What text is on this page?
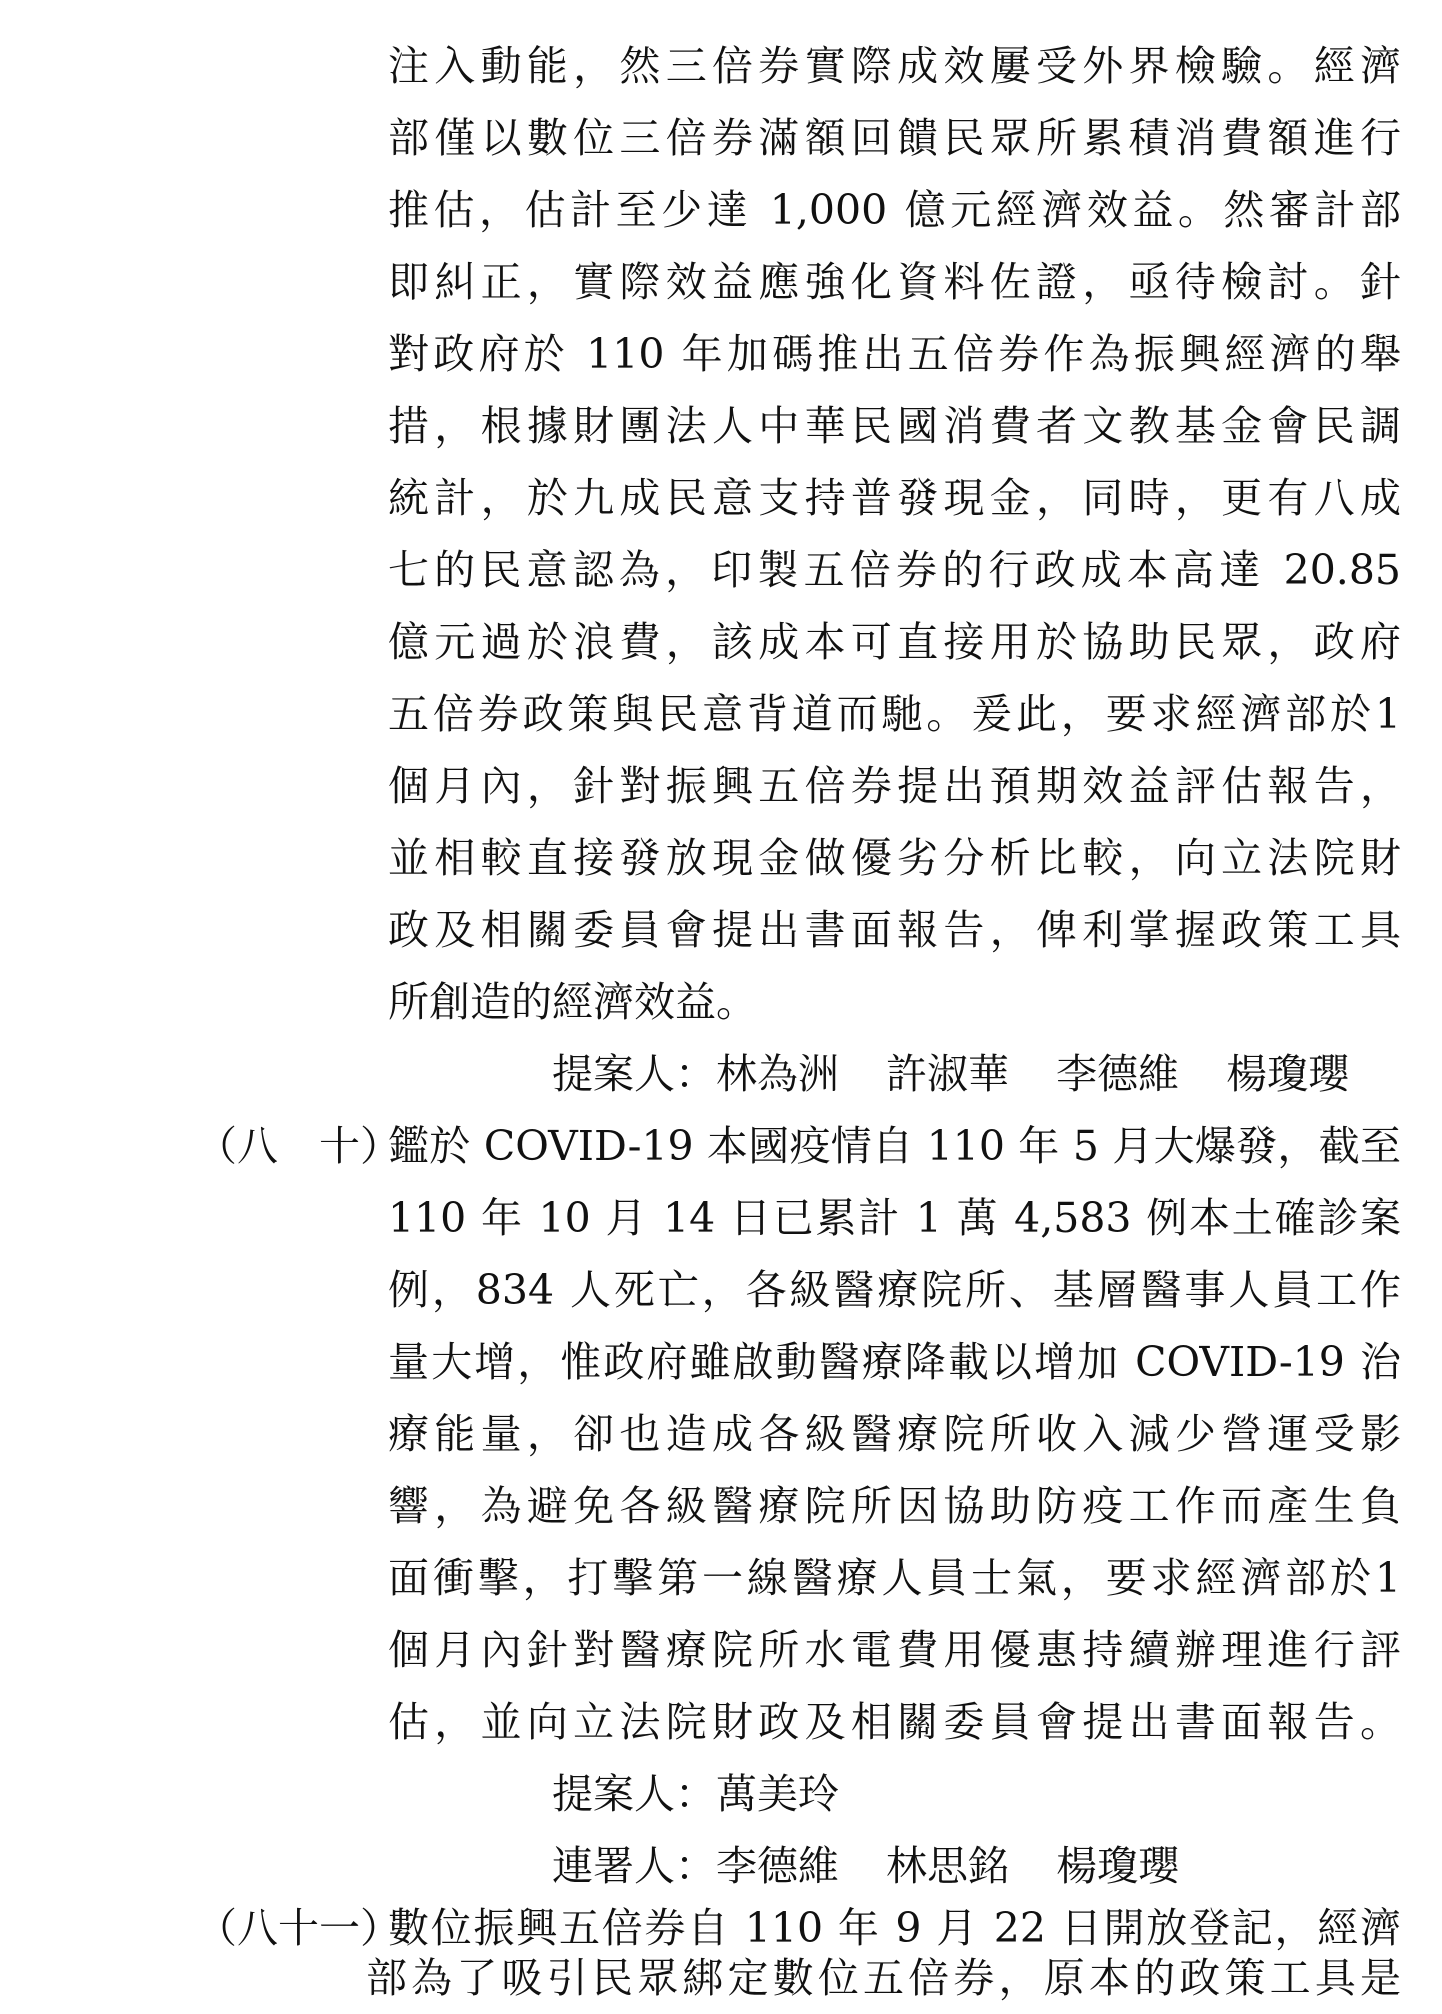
注入動能，然三倍券實際成效屢受外界檢驗。經濟
部僅以數位三倍券滿額回饋民眾所累積消費額進行
推估，估計至少達 1,000 億元經濟效益。然審計部
即糾正，實際效益應強化資料佐證，亟待檢討。針
對政府於 110 年加碼推出五倍券作為振興經濟的舉
措，根據財團法人中華民國消費者文教基金會民調
統計，於九成民意支持普發現金，同時，更有八成
七的民意認為，印製五倍券的行政成本高達 20.85
億元過於浪費，該成本可直接用於協助民眾，政府
五倍券政策與民意背道而馳。爰此，要求經濟部於1
個月內，針對振興五倍券提出預期效益評估報告，
並相較直接發放現金做優劣分析比較，向立法院財
政及相關委員會提出書面報告，俾利掌握政策工具
所創造的經濟效益。
提案人：林為洲 許淑華 李德維 楊瓊瓔
（八　十）
鑑於 COVID-19 本國疫情自 110 年 5 月大爆發，截至
110 年 10 月 14 日已累計 1 萬 4,583 例本土確診案
例，834 人死亡，各級醫療院所、基層醫事人員工作
量大增，惟政府雖啟動醫療降載以增加 COVID-19 治
療能量，卻也造成各級醫療院所收入減少營運受影
響，為避免各級醫療院所因協助防疫工作而產生負
面衝擊，打擊第一線醫療人員士氣，要求經濟部於1
個月內針對醫療院所水電費用優惠持續辦理進行評
估，並向立法院財政及相關委員會提出書面報告。
提案人：萬美玲
連署人：李德維 林思銘 楊瓊瓔
（八十一）
數位振興五倍券自 110 年 9 月 22 日開放登記，經濟
部為了吸引民眾綁定數位五倍券，原本的政策工具是
